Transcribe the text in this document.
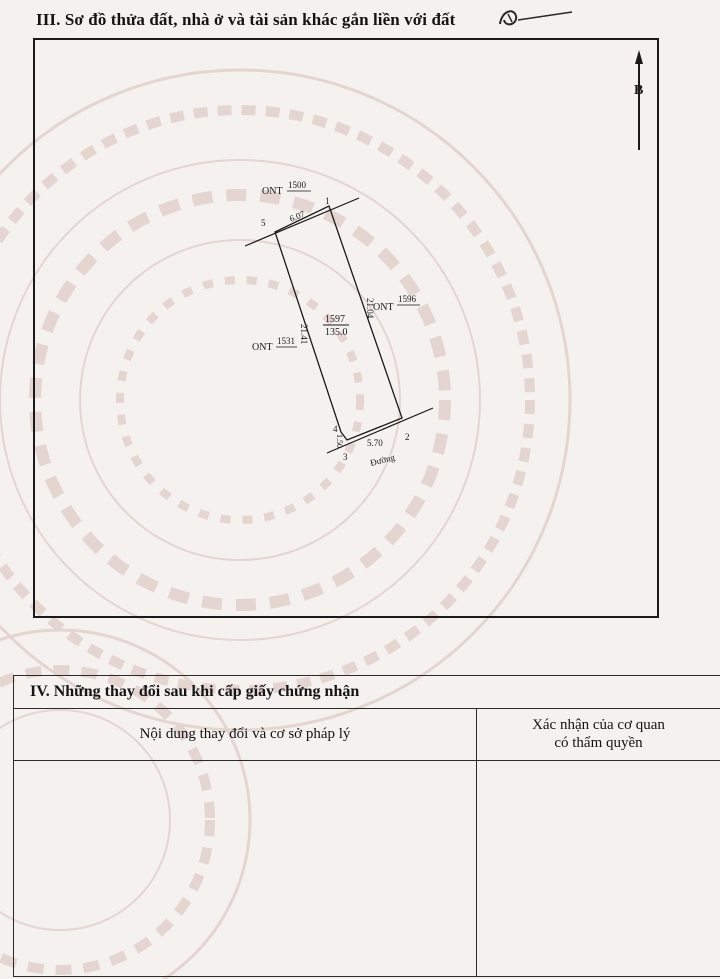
III. Sơ đồ thửa đất, nhà ở và tài sản khác gắn liền với đất
B
1597
135.0
ONT
1500
ONT
1596
ONT
1531
1
2
3
4
5	6.07
21.04
21.41
5.70
1.50
Đường
IV. Những thay đổi sau khi cấp giấy chứng nhận	
Nội dung thay đổi và cơ sở pháp lý	Xác nhận của cơ quan
có thẩm quyền
